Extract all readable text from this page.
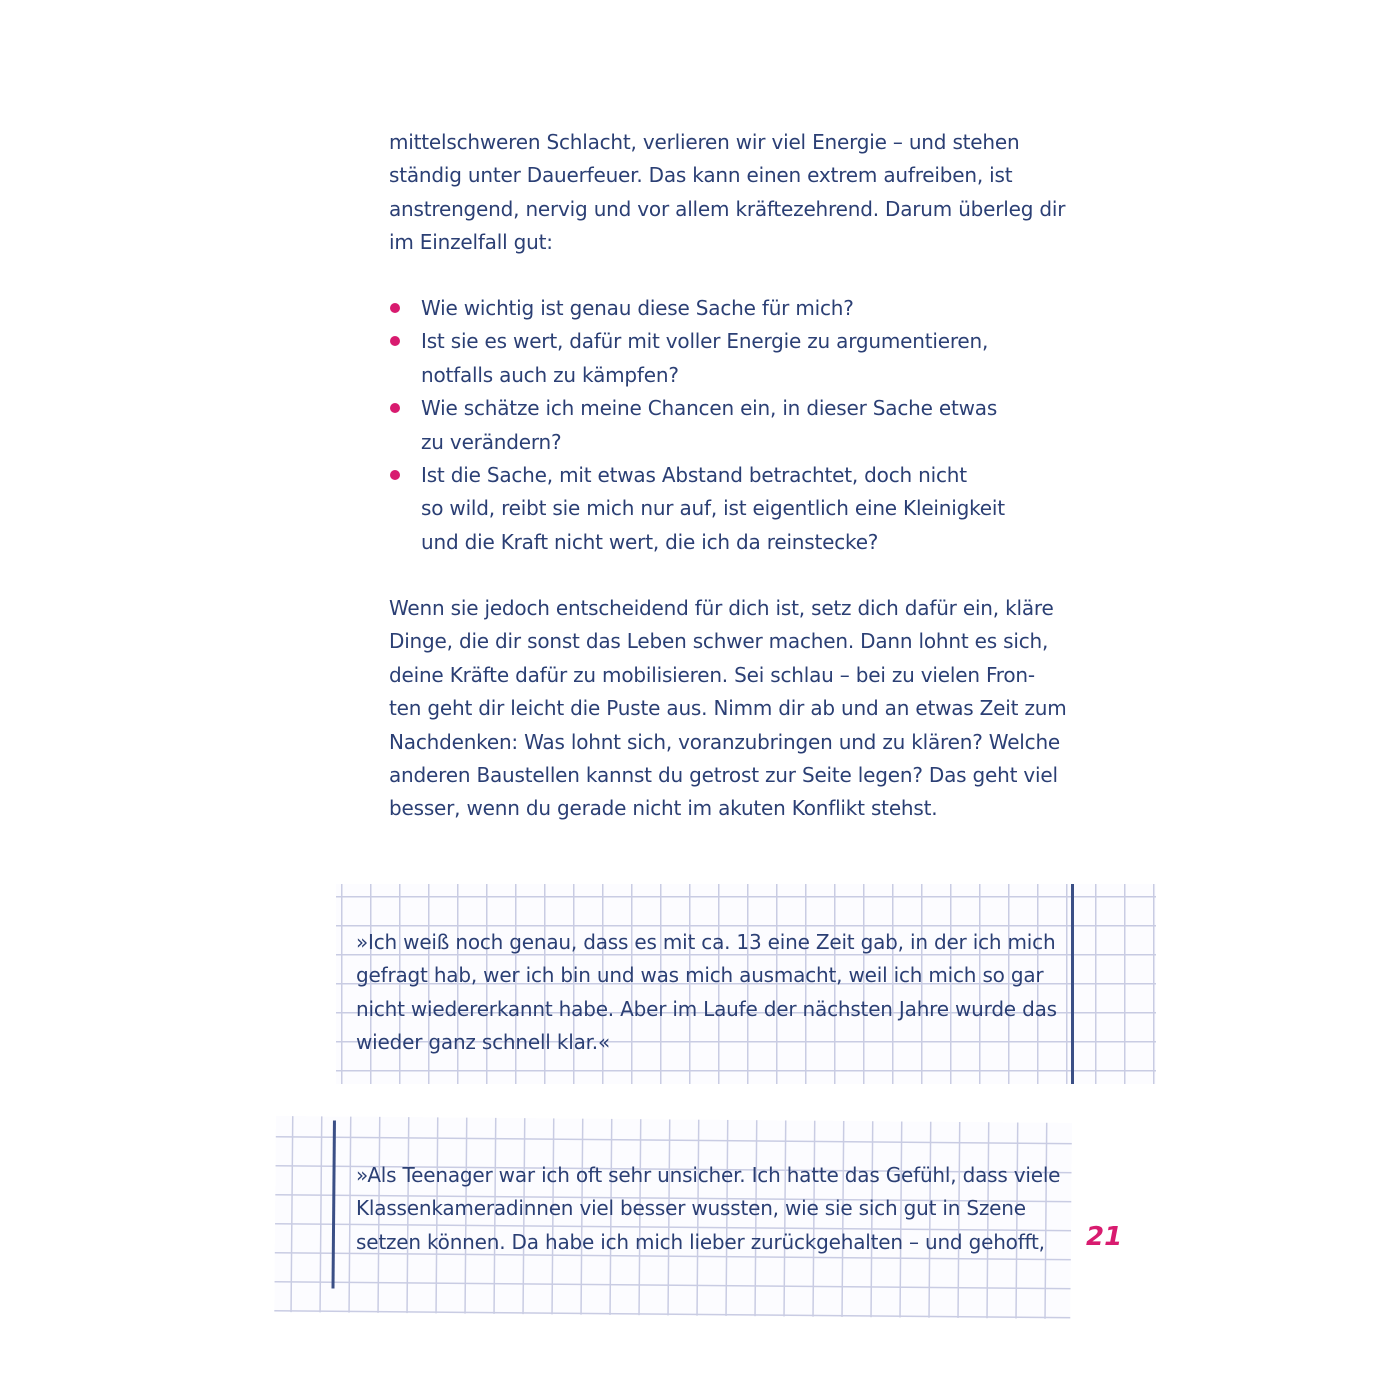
mittelschweren Schlacht, verlieren wir viel Energie – und stehen
ständig unter Dauerfeuer. Das kann einen extrem aufreiben, ist
anstrengend, nervig und vor allem kräftezehrend. Darum überleg dir
im Einzelfall gut:
Wie wichtig ist genau diese Sache für mich?
Ist sie es wert, dafür mit voller Energie zu argumentieren,
notfalls auch zu kämpfen?
Wie schätze ich meine Chancen ein, in dieser Sache etwas
zu verändern?
Ist die Sache, mit etwas Abstand betrachtet, doch nicht
so wild, reibt sie mich nur auf, ist eigentlich eine Kleinigkeit
und die Kraft nicht wert, die ich da reinstecke?
Wenn sie jedoch entscheidend für dich ist, setz dich dafür ein, kläre
Dinge, die dir sonst das Leben schwer machen. Dann lohnt es sich,
deine Kräfte dafür zu mobilisieren. Sei schlau – bei zu vielen Fron-
ten geht dir leicht die Puste aus. Nimm dir ab und an etwas Zeit zum
Nachdenken: Was lohnt sich, voranzubringen und zu klären? Welche
anderen Baustellen kannst du getrost zur Seite legen? Das geht viel
besser, wenn du gerade nicht im akuten Konflikt stehst.
»Ich weiß noch genau, dass es mit ca. 13 eine Zeit gab, in der ich mich
gefragt hab, wer ich bin und was mich ausmacht, weil ich mich so gar
nicht wiedererkannt habe. Aber im Laufe der nächsten Jahre wurde das
wieder ganz schnell klar.«
»Als Teenager war ich oft sehr unsicher. Ich hatte das Gefühl, dass viele
Klassenkameradinnen viel besser wussten, wie sie sich gut in Szene
setzen können. Da habe ich mich lieber zurückgehalten – und gehofft,	21
